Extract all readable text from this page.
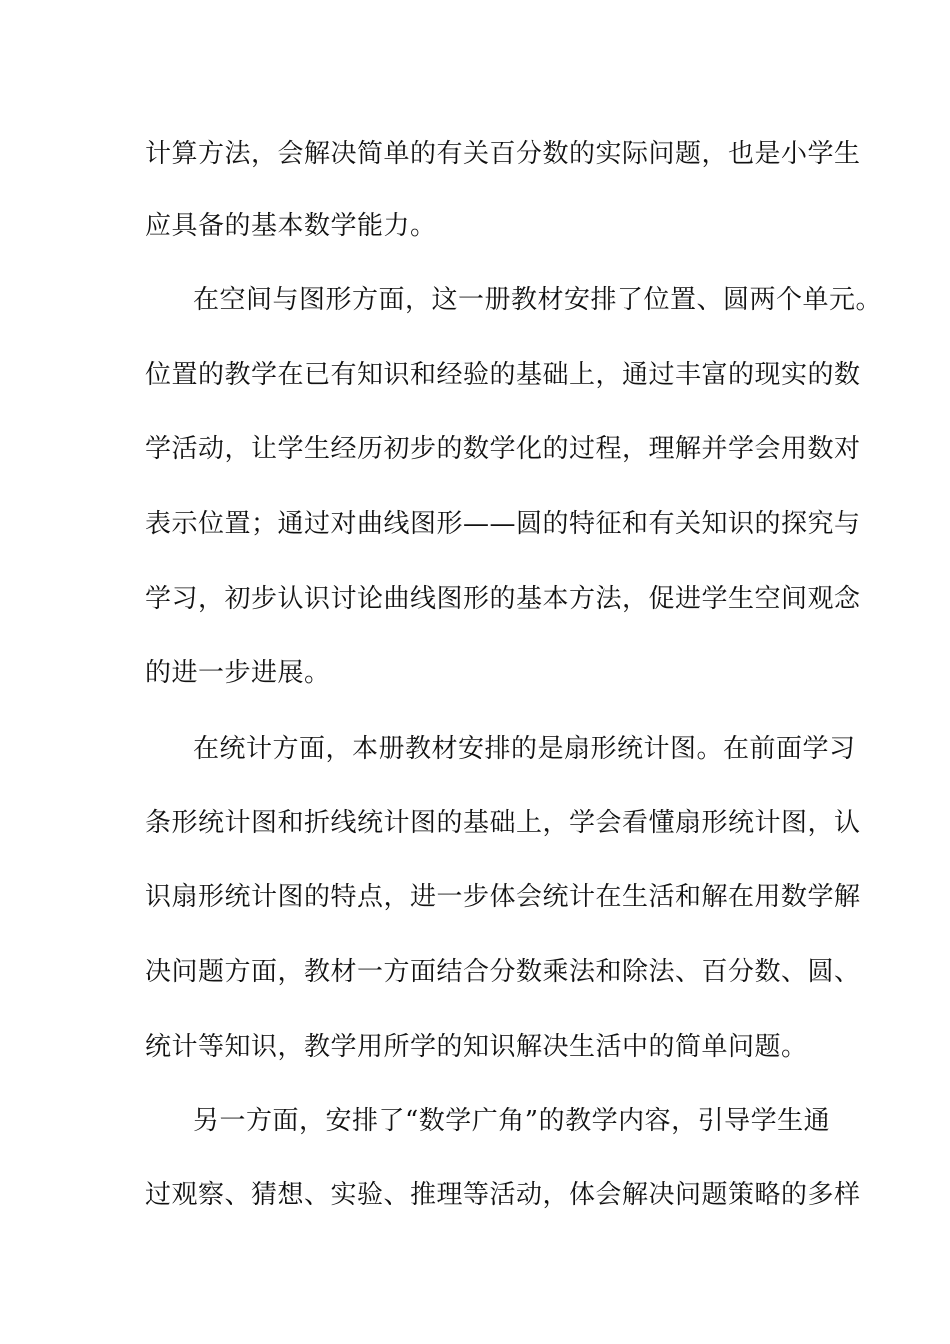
计算方法，会解决简单的有关百分数的实际问题，也是小学生
应具备的基本数学能力。
在空间与图形方面，这一册教材安排了位置、圆两个单元。
位置的教学在已有知识和经验的基础上，通过丰富的现实的数
学活动，让学生经历初步的数学化的过程，理解并学会用数对
表示位置；通过对曲线图形——圆的特征和有关知识的探究与
学习，初步认识讨论曲线图形的基本方法，促进学生空间观念
的进一步进展。
在统计方面，本册教材安排的是扇形统计图。在前面学习
条形统计图和折线统计图的基础上，学会看懂扇形统计图，认
识扇形统计图的特点，进一步体会统计在生活和解在用数学解
决问题方面，教材一方面结合分数乘法和除法、百分数、圆、
统计等知识，教学用所学的知识解决生活中的简单问题。
另一方面，安排了“数学广角”的教学内容，引导学生通
过观察、猜想、实验、推理等活动，体会解决问题策略的多样
